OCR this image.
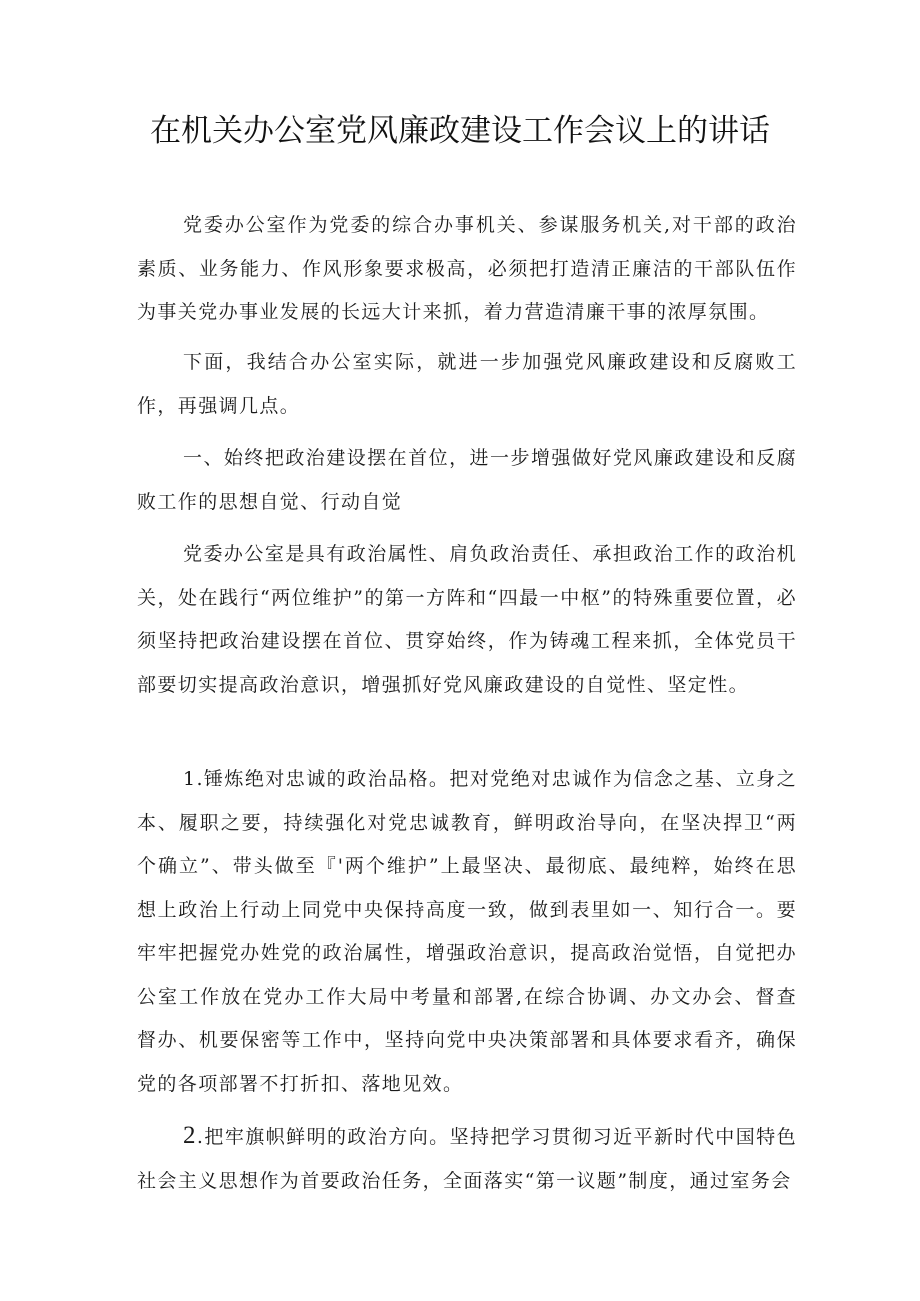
在机关办公室党风廉政建设工作会议上的讲话

党委办公室作为党委的综合办事机关、参谋服务机关,对干部的政治素质、业务能力、作风形象要求极高，必须把打造清正廉洁的干部队伍作为事关党办事业发展的长远大计来抓，着力营造清廉干事的浓厚氛围。

下面，我结合办公室实际，就进一步加强党风廉政建设和反腐败工作，再强调几点。

一、始终把政治建设摆在首位，进一步增强做好党风廉政建设和反腐败工作的思想自觉、行动自觉

党委办公室是具有政治属性、肩负政治责任、承担政治工作的政治机关，处在践行“两位维护”的第一方阵和“四最一中枢”的特殊重要位置，必须坚持把政治建设摆在首位、贯穿始终，作为铸魂工程来抓，全体党员干部要切实提高政治意识，增强抓好党风廉政建设的自觉性、坚定性。

1.锤炼绝对忠诚的政治品格。把对党绝对忠诚作为信念之基、立身之本、履职之要，持续强化对党忠诚教育，鲜明政治导向，在坚决捍卫“两个确立”、带头做至『'两个维护”上最坚决、最彻底、最纯粹，始终在思想上政治上行动上同党中央保持高度一致，做到表里如一、知行合一。要牢牢把握党办姓党的政治属性，增强政治意识，提高政治觉悟，自觉把办公室工作放在党办工作大局中考量和部署,在综合协调、办文办会、督查督办、机要保密等工作中，坚持向党中央决策部署和具体要求看齐，确保党的各项部署不打折扣、落地见效。

2.把牢旗帜鲜明的政治方向。坚持把学习贯彻习近平新时代中国特色社会主义思想作为首要政治任务，全面落实“第一议题”制度，通过室务会
